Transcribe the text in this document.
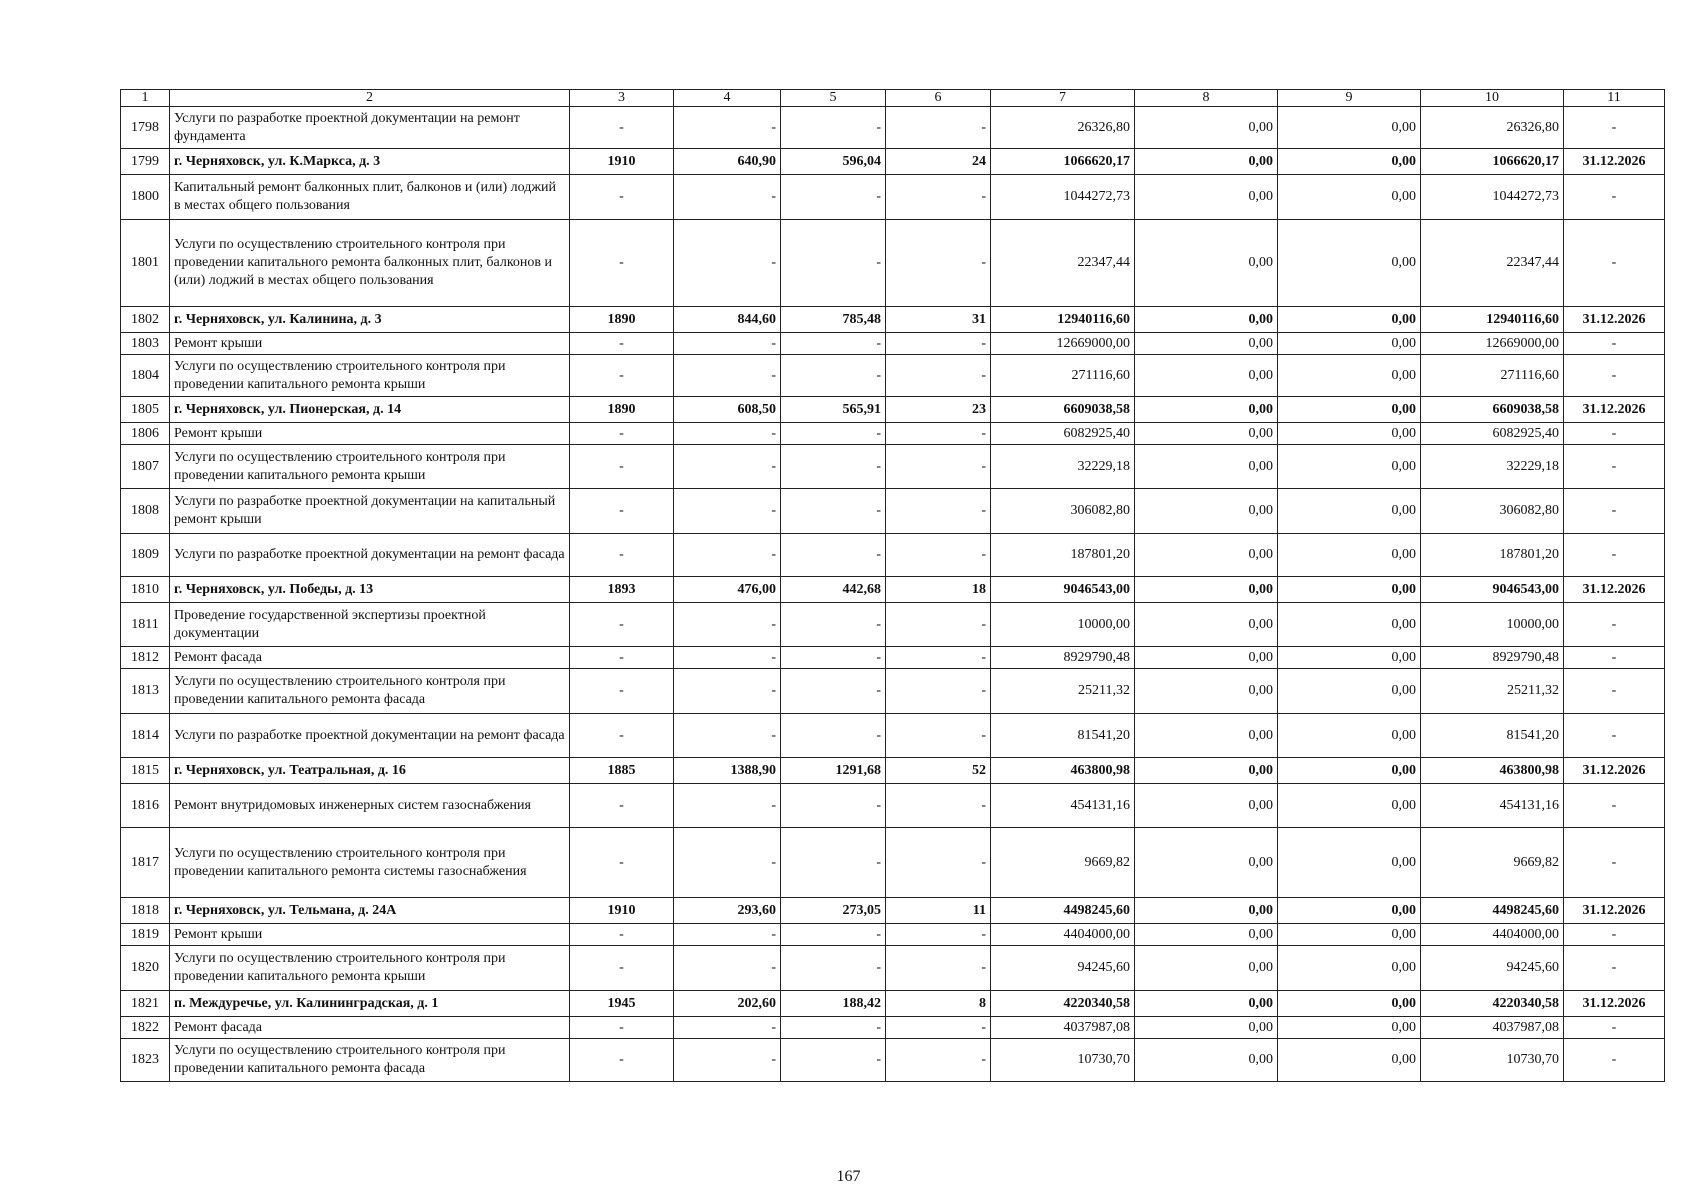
1	2	3	4	5	6	7	8	9	10	11
1798	Услуги по разработке проектной документации на ремонт фундамента	-	-	-	-	26326,80	0,00	0,00	26326,80	-
1799	г. Черняховск, ул. К.Маркса, д. 3	1910	640,90	596,04	24	1066620,17	0,00	0,00	1066620,17	31.12.2026
1800	Капитальный ремонт балконных плит, балконов и (или) лоджий в местах общего пользования	-	-	-	-	1044272,73	0,00	0,00	1044272,73	-
1801	Услуги по осуществлению строительного контроля при проведении капитального ремонта балконных плит, балконов и (или) лоджий в местах общего пользования	-	-	-	-	22347,44	0,00	0,00	22347,44	-
1802	г. Черняховск, ул. Калинина, д. 3	1890	844,60	785,48	31	12940116,60	0,00	0,00	12940116,60	31.12.2026
1803	Ремонт крыши	-	-	-	-	12669000,00	0,00	0,00	12669000,00	-
1804	Услуги по осуществлению строительного контроля при проведении капитального ремонта крыши	-	-	-	-	271116,60	0,00	0,00	271116,60	-
1805	г. Черняховск, ул. Пионерская, д. 14	1890	608,50	565,91	23	6609038,58	0,00	0,00	6609038,58	31.12.2026
1806	Ремонт крыши	-	-	-	-	6082925,40	0,00	0,00	6082925,40	-
1807	Услуги по осуществлению строительного контроля при проведении капитального ремонта крыши	-	-	-	-	32229,18	0,00	0,00	32229,18	-
1808	Услуги по разработке проектной документации на капитальный ремонт крыши	-	-	-	-	306082,80	0,00	0,00	306082,80	-
1809	Услуги по разработке проектной документации на ремонт фасада	-	-	-	-	187801,20	0,00	0,00	187801,20	-
1810	г. Черняховск, ул. Победы, д. 13	1893	476,00	442,68	18	9046543,00	0,00	0,00	9046543,00	31.12.2026
1811	Проведение государственной экспертизы проектной документации	-	-	-	-	10000,00	0,00	0,00	10000,00	-
1812	Ремонт фасада	-	-	-	-	8929790,48	0,00	0,00	8929790,48	-
1813	Услуги по осуществлению строительного контроля при проведении капитального ремонта фасада	-	-	-	-	25211,32	0,00	0,00	25211,32	-
1814	Услуги по разработке проектной документации на ремонт фасада	-	-	-	-	81541,20	0,00	0,00	81541,20	-
1815	г. Черняховск, ул. Театральная, д. 16	1885	1388,90	1291,68	52	463800,98	0,00	0,00	463800,98	31.12.2026
1816	Ремонт внутридомовых инженерных систем газоснабжения	-	-	-	-	454131,16	0,00	0,00	454131,16	-
1817	Услуги по осуществлению строительного контроля при проведении капитального ремонта системы газоснабжения	-	-	-	-	9669,82	0,00	0,00	9669,82	-
1818	г. Черняховск, ул. Тельмана, д. 24А	1910	293,60	273,05	11	4498245,60	0,00	0,00	4498245,60	31.12.2026
1819	Ремонт крыши	-	-	-	-	4404000,00	0,00	0,00	4404000,00	-
1820	Услуги по осуществлению строительного контроля при проведении капитального ремонта крыши	-	-	-	-	94245,60	0,00	0,00	94245,60	-
1821	п. Междуречье, ул. Калининградская, д. 1	1945	202,60	188,42	8	4220340,58	0,00	0,00	4220340,58	31.12.2026
1822	Ремонт фасада	-	-	-	-	4037987,08	0,00	0,00	4037987,08	-
1823	Услуги по осуществлению строительного контроля при проведении капитального ремонта фасада	-	-	-	-	10730,70	0,00	0,00	10730,70	-
167
